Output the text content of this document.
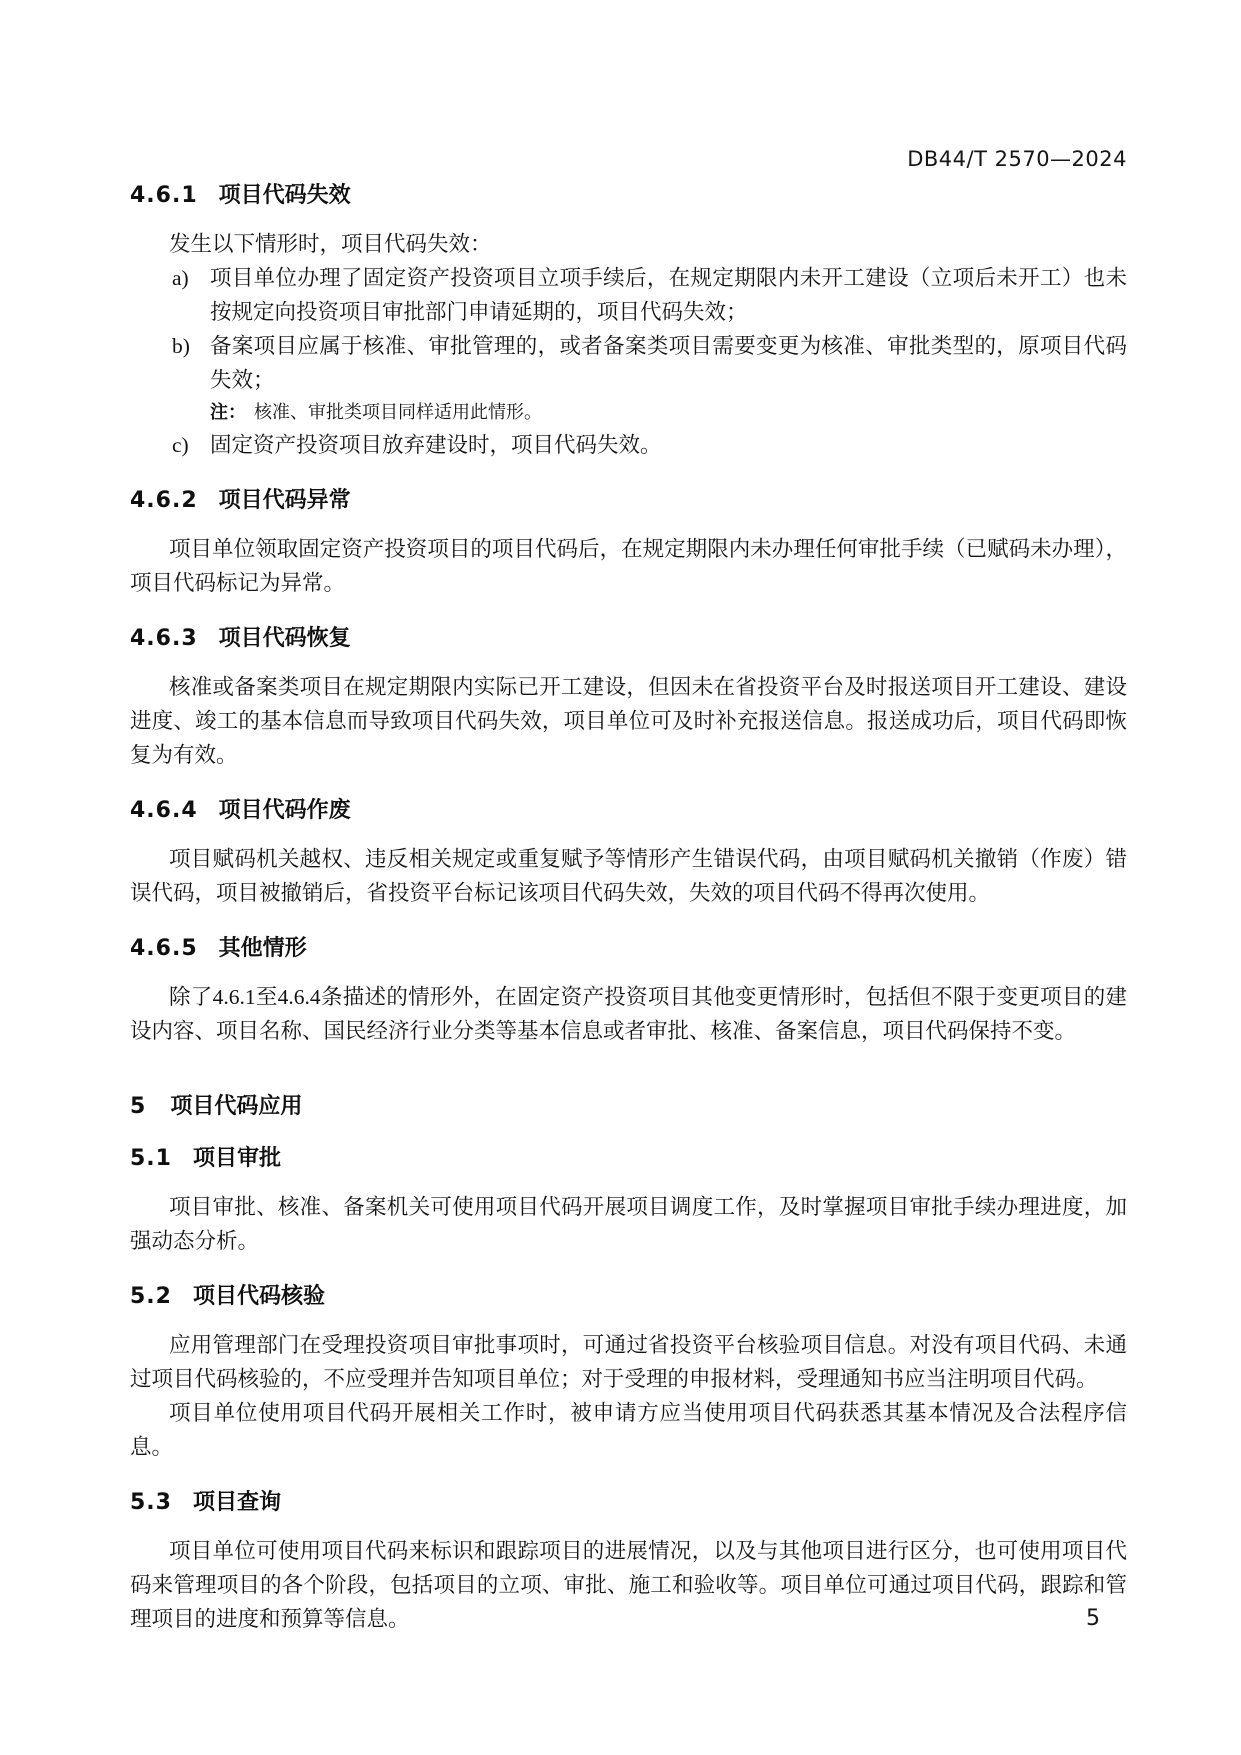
DB44/T 2570—2024
4.6.1 项目代码失效

发生以下情形时，项目代码失效：

a) 项目单位办理了固定资产投资项目立项手续后，在规定期限内未开工建设（立项后未开工）也未按规定向投资项目审批部门申请延期的，项目代码失效；
b) 备案项目应属于核准、审批管理的，或者备案类项目需要变更为核准、审批类型的，原项目代码失效；
注： 核准、审批类项目同样适用此情形。
c) 固定资产投资项目放弃建设时，项目代码失效。
4.6.2 项目代码异常

项目单位领取固定资产投资项目的项目代码后，在规定期限内未办理任何审批手续（已赋码未办理），项目代码标记为异常。

4.6.3 项目代码恢复

核准或备案类项目在规定期限内实际已开工建设，但因未在省投资平台及时报送项目开工建设、建设进度、竣工的基本信息而导致项目代码失效，项目单位可及时补充报送信息。报送成功后，项目代码即恢复为有效。

4.6.4 项目代码作废

项目赋码机关越权、违反相关规定或重复赋予等情形产生错误代码，由项目赋码机关撤销（作废）错误代码，项目被撤销后，省投资平台标记该项目代码失效，失效的项目代码不得再次使用。

4.6.5 其他情形

除了4.6.1至4.6.4条描述的情形外，在固定资产投资项目其他变更情形时，包括但不限于变更项目的建设内容、项目名称、国民经济行业分类等基本信息或者审批、核准、备案信息，项目代码保持不变。

5 项目代码应用
5.1 项目审批

项目审批、核准、备案机关可使用项目代码开展项目调度工作，及时掌握项目审批手续办理进度，加强动态分析。

5.2 项目代码核验

应用管理部门在受理投资项目审批事项时，可通过省投资平台核验项目信息。对没有项目代码、未通过项目代码核验的，不应受理并告知项目单位；对于受理的申报材料，受理通知书应当注明项目代码。

项目单位使用项目代码开展相关工作时，被申请方应当使用项目代码获悉其基本情况及合法程序信息。

5.3 项目查询

项目单位可使用项目代码来标识和跟踪项目的进展情况，以及与其他项目进行区分，也可使用项目代码来管理项目的各个阶段，包括项目的立项、审批、施工和验收等。项目单位可通过项目代码，跟踪和管理项目的进度和预算等信息。	5
